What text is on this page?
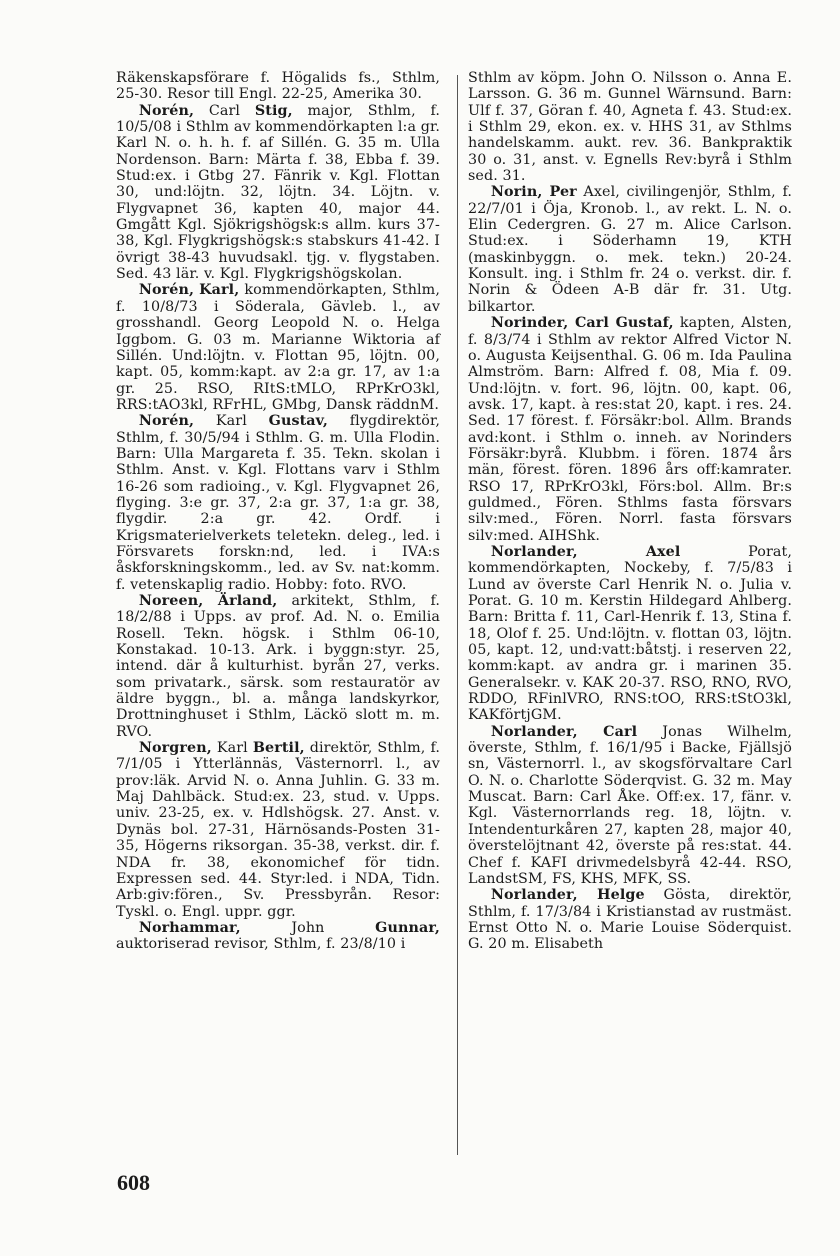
Räkenskapsförare f. Högalids fs., Sthlm, 25-30. Resor till Engl. 22-25, Amerika 30.

Norén, Carl Stig, major, Sthlm, f. 10/5/08 i Sthlm av kommendörkapten l:a gr. Karl N. o. h. h. f. af Sillén. G. 35 m. Ulla Nordenson. Barn: Märta f. 38, Ebba f. 39. Stud:ex. i Gtbg 27. Fänrik v. Kgl. Flottan 30, und:löjtn. 32, löjtn. 34. Löjtn. v. Flygvapnet 36, kapten 40, major 44. Gmgått Kgl. Sjökrigshögsk:s allm. kurs 37-38, Kgl. Flygkrigshögsk:s stabskurs 41-42. I övrigt 38-43 huvudsakl. tjg. v. flygstaben. Sed. 43 lär. v. Kgl. Flygkrigshögskolan.

Norén, Karl, kommendörkapten, Sthlm, f. 10/8/73 i Söderala, Gävleb. l., av grosshandl. Georg Leopold N. o. Helga Iggbom. G. 03 m. Marianne Wiktoria af Sillén. Und:löjtn. v. Flottan 95, löjtn. 00, kapt. 05, komm:kapt. av 2:a gr. 17, av 1:a gr. 25. RSO, RItS:tMLO, RPrKrO3kl, RRS:tAO3kl, RFrHL, GMbg, Dansk räddnM.

Norén, Karl Gustav, flygdirektör, Sthlm, f. 30/5/94 i Sthlm. G. m. Ulla Flodin. Barn: Ulla Margareta f. 35. Tekn. skolan i Sthlm. Anst. v. Kgl. Flottans varv i Sthlm 16-26 som radioing., v. Kgl. Flygvapnet 26, flyging. 3:e gr. 37, 2:a gr. 37, 1:a gr. 38, flygdir. 2:a gr. 42. Ordf. i Krigsmaterielverkets teletekn. deleg., led. i Försvarets forskn:nd, led. i IVA:s åskforskningskomm., led. av Sv. nat:komm. f. vetenskaplig radio. Hobby: foto. RVO.

Noreen, Ärland, arkitekt, Sthlm, f. 18/2/88 i Upps. av prof. Ad. N. o. Emilia Rosell. Tekn. högsk. i Sthlm 06-10, Konstakad. 10-13. Ark. i byggn:styr. 25, intend. där å kulturhist. byrån 27, verks. som privatark., särsk. som restauratör av äldre byggn., bl. a. många landskyrkor, Drottninghuset i Sthlm, Läckö slott m. m. RVO.

Norgren, Karl Bertil, direktör, Sthlm, f. 7/1/05 i Ytterlännäs, Västernorrl. l., av prov:läk. Arvid N. o. Anna Juhlin. G. 33 m. Maj Dahlbäck. Stud:ex. 23, stud. v. Upps. univ. 23-25, ex. v. Hdlshögsk. 27. Anst. v. Dynäs bol. 27-31, Härnösands-Posten 31-35, Högerns riksorgan. 35-38, verkst. dir. f. NDA fr. 38, ekonomichef för tidn. Expressen sed. 44. Styr:led. i NDA, Tidn. Arb:giv:fören., Sv. Pressbyrån. Resor: Tyskl. o. Engl. uppr. ggr.

Norhammar, John Gunnar, auktoriserad revisor, Sthlm, f. 23/8/10 i

Sthlm av köpm. John O. Nilsson o. Anna E. Larsson. G. 36 m. Gunnel Wärnsund. Barn: Ulf f. 37, Göran f. 40, Agneta f. 43. Stud:ex. i Sthlm 29, ekon. ex. v. HHS 31, av Sthlms handelskamm. aukt. rev. 36. Bankpraktik 30 o. 31, anst. v. Egnells Rev:byrå i Sthlm sed. 31.

Norin, Per Axel, civilingenjör, Sthlm, f. 22/7/01 i Öja, Kronob. l., av rekt. L. N. o. Elin Cedergren. G. 27 m. Alice Carlson. Stud:ex. i Söderhamn 19, KTH (maskinbyggn. o. mek. tekn.) 20-24. Konsult. ing. i Sthlm fr. 24 o. verkst. dir. f. Norin & Ödeen A-B där fr. 31. Utg. bilkartor.

Norinder, Carl Gustaf, kapten, Alsten, f. 8/3/74 i Sthlm av rektor Alfred Victor N. o. Augusta Keijsenthal. G. 06 m. Ida Paulina Almström. Barn: Alfred f. 08, Mia f. 09. Und:löjtn. v. fort. 96, löjtn. 00, kapt. 06, avsk. 17, kapt. à res:stat 20, kapt. i res. 24. Sed. 17 förest. f. Försäkr:bol. Allm. Brands avd:kont. i Sthlm o. inneh. av Norinders Försäkr:byrå. Klubbm. i fören. 1874 års män, förest. fören. 1896 års off:kamrater. RSO 17, RPrKrO3kl, Förs:bol. Allm. Br:s guldmed., Fören. Sthlms fasta försvars silv:med., Fören. Norrl. fasta försvars silv:med. AIHShk.

Norlander, Axel Porat, kommendörkapten, Nockeby, f. 7/5/83 i Lund av överste Carl Henrik N. o. Julia v. Porat. G. 10 m. Kerstin Hildegard Ahlberg. Barn: Britta f. 11, Carl-Henrik f. 13, Stina f. 18, Olof f. 25. Und:löjtn. v. flottan 03, löjtn. 05, kapt. 12, und:vatt:båtstj. i reserven 22, komm:kapt. av andra gr. i marinen 35. Generalsekr. v. KAK 20-37. RSO, RNO, RVO, RDDO, RFinlVRO, RNS:tOO, RRS:tStO3kl, KAKförtjGM.

Norlander, Carl Jonas Wilhelm, överste, Sthlm, f. 16/1/95 i Backe, Fjällsjö sn, Västernorrl. l., av skogsförvaltare Carl O. N. o. Charlotte Söderqvist. G. 32 m. May Muscat. Barn: Carl Åke. Off:ex. 17, fänr. v. Kgl. Västernorrlands reg. 18, löjtn. v. Intendenturkåren 27, kapten 28, major 40, överstelöjtnant 42, överste på res:stat. 44. Chef f. KAFI drivmedelsbyrå 42-44. RSO, LandstSM, FS, KHS, MFK, SS.

Norlander, Helge Gösta, direktör, Sthlm, f. 17/3/84 i Kristianstad av rustmäst. Ernst Otto N. o. Marie Louise Söderquist. G. 20 m. Elisabeth

608
